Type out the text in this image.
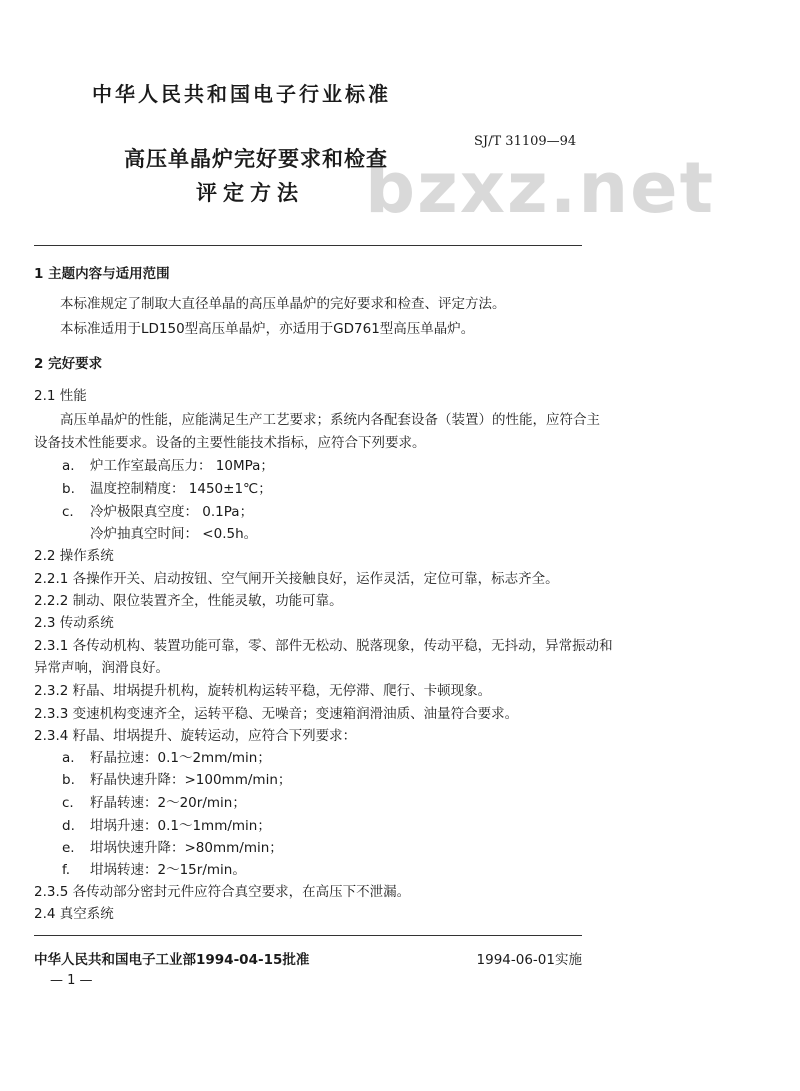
中华人民共和国电子行业标准
SJ/T 31109—94
bzxz.net
高压单晶炉完好要求和检查
评定方法
1 主题内容与适用范围
本标准规定了制取大直径单晶的高压单晶炉的完好要求和检查、评定方法。
本标准适用于LD150型高压单晶炉，亦适用于GD761型高压单晶炉。
2 完好要求
2.1 性能
高压单晶炉的性能，应能满足生产工艺要求；系统内各配套设备（装置）的性能，应符合主
设备技术性能要求。设备的主要性能技术指标，应符合下列要求。
a. 炉工作室最高压力： 10MPa；
b. 温度控制精度： 1450±1℃；
c. 冷炉极限真空度： 0.1Pa；
冷炉抽真空时间： <0.5h。
2.2 操作系统
2.2.1 各操作开关、启动按钮、空气闸开关接触良好，运作灵活，定位可靠，标志齐全。
2.2.2 制动、限位装置齐全，性能灵敏，功能可靠。
2.3 传动系统
2.3.1 各传动机构、装置功能可靠，零、部件无松动、脱落现象，传动平稳，无抖动，异常振动和
异常声响，润滑良好。
2.3.2 籽晶、坩埚提升机构，旋转机构运转平稳，无停滞、爬行、卡顿现象。
2.3.3 变速机构变速齐全，运转平稳、无噪音；变速箱润滑油质、油量符合要求。
2.3.4 籽晶、坩埚提升、旋转运动，应符合下列要求：
a. 籽晶拉速：0.1～2mm/min；
b. 籽晶快速升降：>100mm/min；
c. 籽晶转速：2～20r/min；
d. 坩埚升速：0.1～1mm/min；
e. 坩埚快速升降：>80mm/min；
f. 坩埚转速：2～15r/min。
2.3.5 各传动部分密封元件应符合真空要求，在高压下不泄漏。
2.4 真空系统
中华人民共和国电子工业部1994-04-15批准	1994-06-01实施
— 1 —
